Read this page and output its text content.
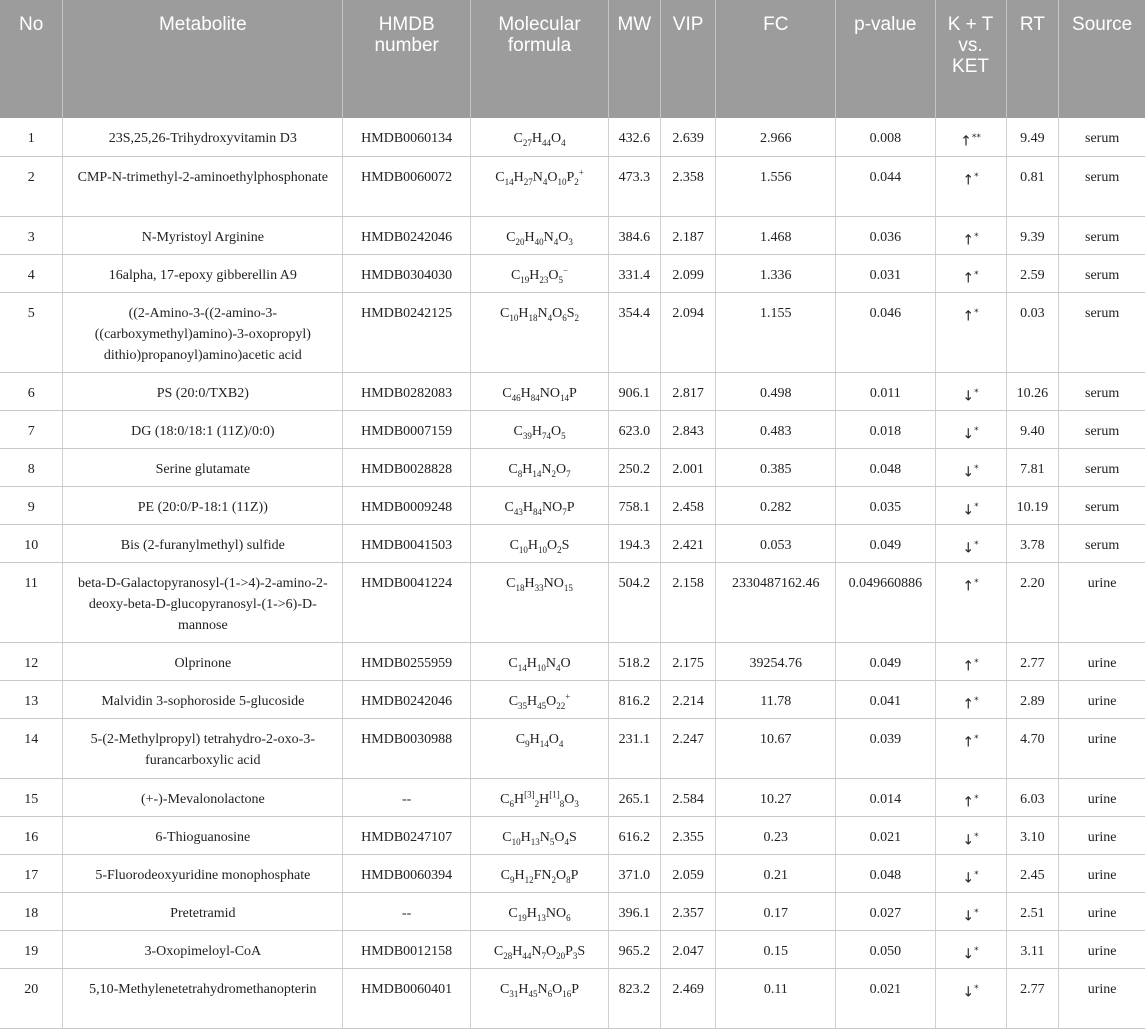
No	Metabolite	HMDB number	Molecular formula	MW	VIP	FC	p-value	K + T vs. KET	RT	Source
1	23S,25,26-Trihydroxyvitamin D3	HMDB0060134	$C_{27}H_{44}O_4$	432.6	2.639	2.966	0.008	↑**	9.49	serum
2	CMP-N-trimethyl-2-aminoethylphosphonate	HMDB0060072	$C_{14}H_{27}N_4O_{10}P_2^+$	473.3	2.358	1.556	0.044	↑*	0.81	serum
3	N-Myristoyl Arginine	HMDB0242046	$C_{20}H_{40}N_4O_3$	384.6	2.187	1.468	0.036	↑*	9.39	serum
4	16alpha, 17-epoxy gibberellin A9	HMDB0304030	$C_{19}H_{23}O_5^-$	331.4	2.099	1.336	0.031	↑*	2.59	serum
5	((2-Amino-3-((2-amino-3-((carboxymethyl)amino)-3-oxopropyl) dithio)propanoyl)amino)acetic acid	HMDB0242125	$C_{10}H_{18}N_4O_6S_2$	354.4	2.094	1.155	0.046	↑*	0.03	serum
6	PS (20:0/TXB2)	HMDB0282083	$C_{46}H_{84}NO_{14}P$	906.1	2.817	0.498	0.011	↓*	10.26	serum
7	DG (18:0/18:1 (11Z)/0:0)	HMDB0007159	$C_{39}H_{74}O_5$	623.0	2.843	0.483	0.018	↓*	9.40	serum
8	Serine glutamate	HMDB0028828	$C_8H_{14}N_2O_7$	250.2	2.001	0.385	0.048	↓*	7.81	serum
9	PE (20:0/P-18:1 (11Z))	HMDB0009248	$C_{43}H_{84}NO_7P$	758.1	2.458	0.282	0.035	↓*	10.19	serum
10	Bis (2-furanylmethyl) sulfide	HMDB0041503	$C_{10}H_{10}O_2S$	194.3	2.421	0.053	0.049	↓*	3.78	serum
11	beta-D-Galactopyranosyl-(1->4)-2-amino-2-deoxy-beta-D-glucopyranosyl-(1->6)-D-mannose	HMDB0041224	$C_{18}H_{33}NO_{15}$	504.2	2.158	2330487162.46	0.049660886	↑*	2.20	urine
12	Olprinone	HMDB0255959	$C_{14}H_{10}N_4O$	518.2	2.175	39254.76	0.049	↑*	2.77	urine
13	Malvidin 3-sophoroside 5-glucoside	HMDB0242046	$C_{35}H_{45}O_{22}^+$	816.2	2.214	11.78	0.041	↑*	2.89	urine
14	5-(2-Methylpropyl) tetrahydro-2-oxo-3-furancarboxylic acid	HMDB0030988	$C_9H_{14}O_4$	231.1	2.247	10.67	0.039	↑*	4.70	urine
15	(+-)-Mevalonolactone	--	$C_6H[3]_2H[1]_8O_3$	265.1	2.584	10.27	0.014	↑*	6.03	urine
16	6-Thioguanosine	HMDB0247107	$C_{10}H_{13}N_5O_4S$	616.2	2.355	0.23	0.021	↓*	3.10	urine
17	5-Fluorodeoxyuridine monophosphate	HMDB0060394	$C_9H_{12}FN_2O_8P$	371.0	2.059	0.21	0.048	↓*	2.45	urine
18	Pretetramid	--	$C_{19}H_{13}NO_6$	396.1	2.357	0.17	0.027	↓*	2.51	urine
19	3-Oxopimeloyl-CoA	HMDB0012158	$C_{28}H_{44}N_7O_{20}P_3S$	965.2	2.047	0.15	0.050	↓*	3.11	urine
20	5,10-Methylenetetrahydromethanopterin	HMDB0060401	$C_{31}H_{45}N_6O_{16}P$	823.2	2.469	0.11	0.021	↓*	2.77	urine
